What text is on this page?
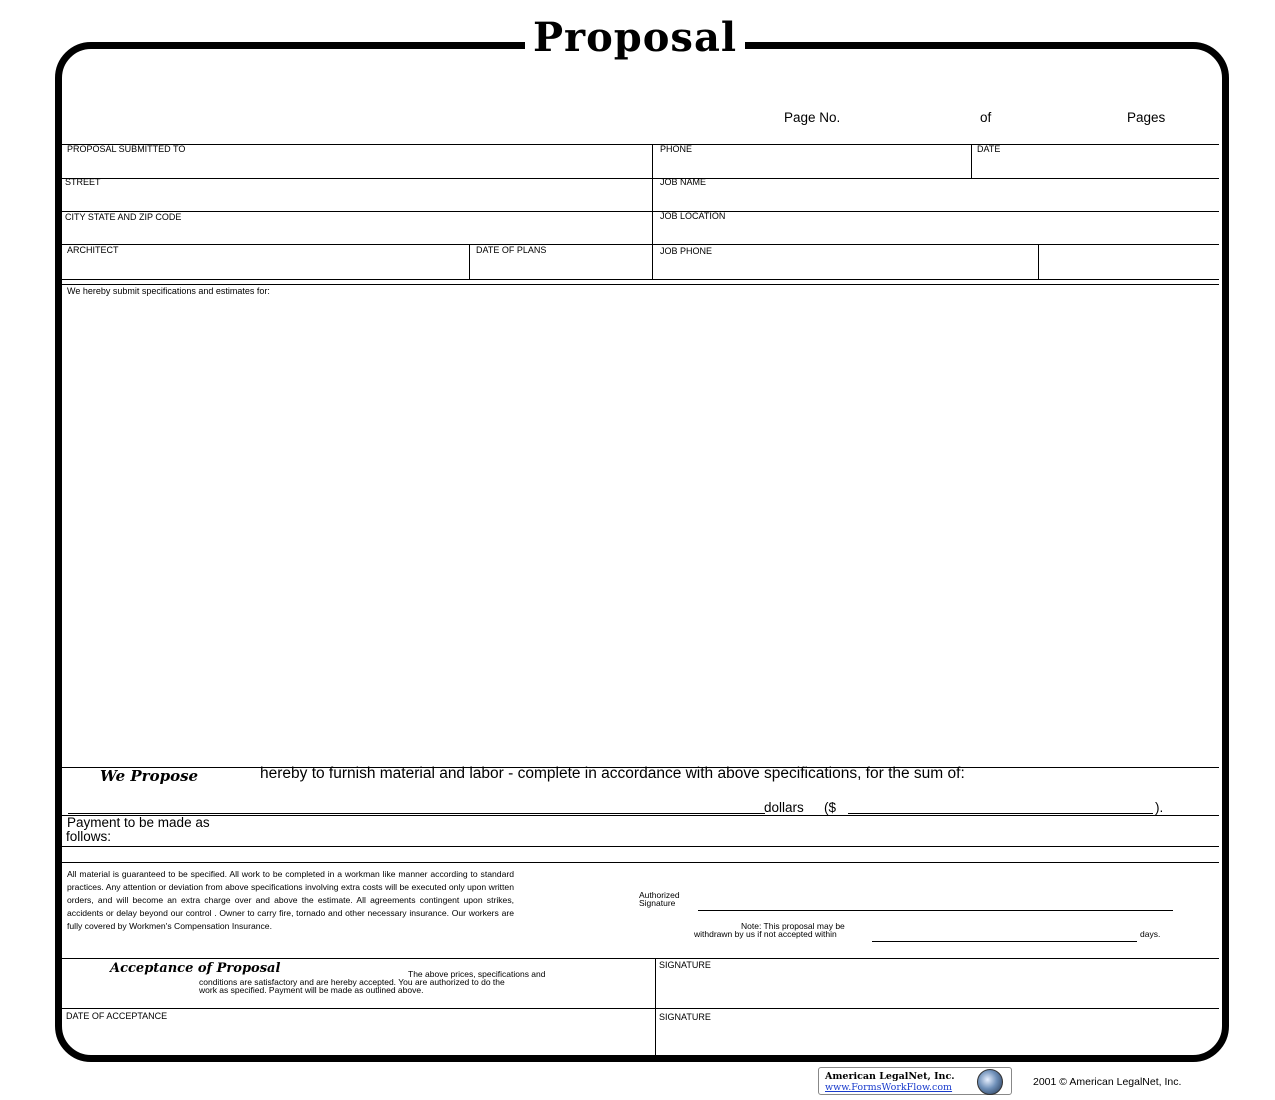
Proposal
Page No.	of	Pages
PROPOSAL SUBMITTED TO	PHONE	DATE
STREET	JOB NAME
CITY STATE AND ZIP CODE	JOB LOCATION
ARCHITECT	DATE OF PLANS	JOB PHONE
We hereby submit specifications and estimates for:
We Propose	hereby to furnish material and labor - complete in accordance with above specifications, for the sum of:
dollars ($	).
Payment to be made as
follows:
All material is guaranteed to be specified. All work to be completed in a workman like manner according to standard practices. Any attention or deviation from above specifications involving extra costs will be executed only upon written orders, and will become an extra charge over and above the estimate. All agreements contingent upon strikes, accidents or delay beyond our control . Owner to carry fire, tornado and other necessary insurance. Our workers are fully covered by Workmen's Compensation Insurance.
Authorized
Signature
Note: This proposal may be
withdrawn by us if not accepted within	days.
Acceptance of Proposal	The above prices, specifications and
conditions are satisfactory and are hereby accepted. You are authorized to do the
work as specified. Payment will be made as outlined above.
SIGNATURE
DATE OF ACCEPTANCE	SIGNATURE
American LegalNet, Inc.
www.FormsWorkFlow.com	2001 © American LegalNet, Inc.
